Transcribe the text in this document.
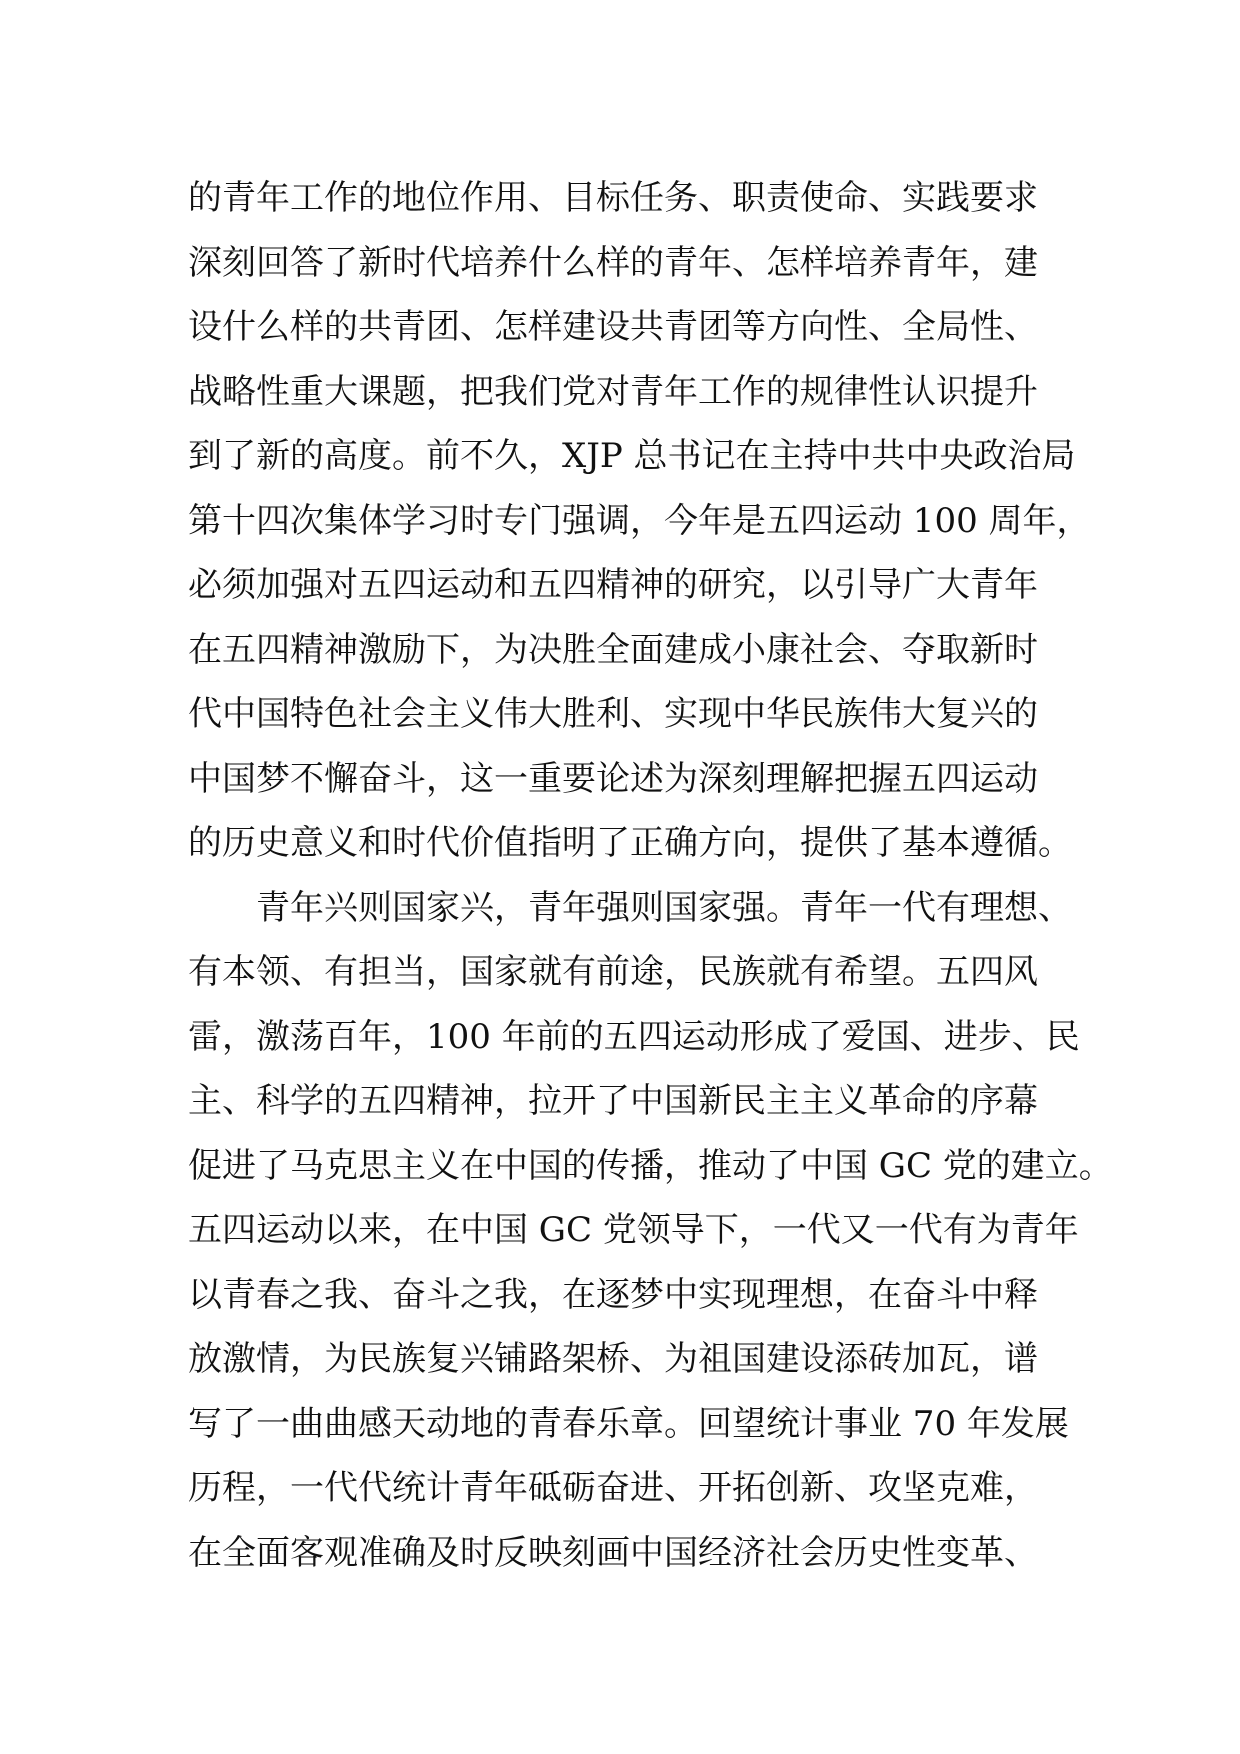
的青年工作的地位作用、目标任务、职责使命、实践要求
深刻回答了新时代培养什么样的青年、怎样培养青年，建
设什么样的共青团、怎样建设共青团等方向性、全局性、
战略性重大课题，把我们党对青年工作的规律性认识提升
到了新的高度。前不久，XJP 总书记在主持中共中央政治局
第十四次集体学习时专门强调，今年是五四运动 100 周年，
必须加强对五四运动和五四精神的研究，以引导广大青年
在五四精神激励下，为决胜全面建成小康社会、夺取新时
代中国特色社会主义伟大胜利、实现中华民族伟大复兴的
中国梦不懈奋斗，这一重要论述为深刻理解把握五四运动
的历史意义和时代价值指明了正确方向，提供了基本遵循。
青年兴则国家兴，青年强则国家强。青年一代有理想、
有本领、有担当，国家就有前途，民族就有希望。五四风
雷，激荡百年，100 年前的五四运动形成了爱国、进步、民
主、科学的五四精神，拉开了中国新民主主义革命的序幕
促进了马克思主义在中国的传播，推动了中国 GC 党的建立。
五四运动以来，在中国 GC 党领导下，一代又一代有为青年
以青春之我、奋斗之我，在逐梦中实现理想，在奋斗中释
放激情，为民族复兴铺路架桥、为祖国建设添砖加瓦，谱
写了一曲曲感天动地的青春乐章。回望统计事业 70 年发展
历程，一代代统计青年砥砺奋进、开拓创新、攻坚克难，
在全面客观准确及时反映刻画中国经济社会历史性变革、
